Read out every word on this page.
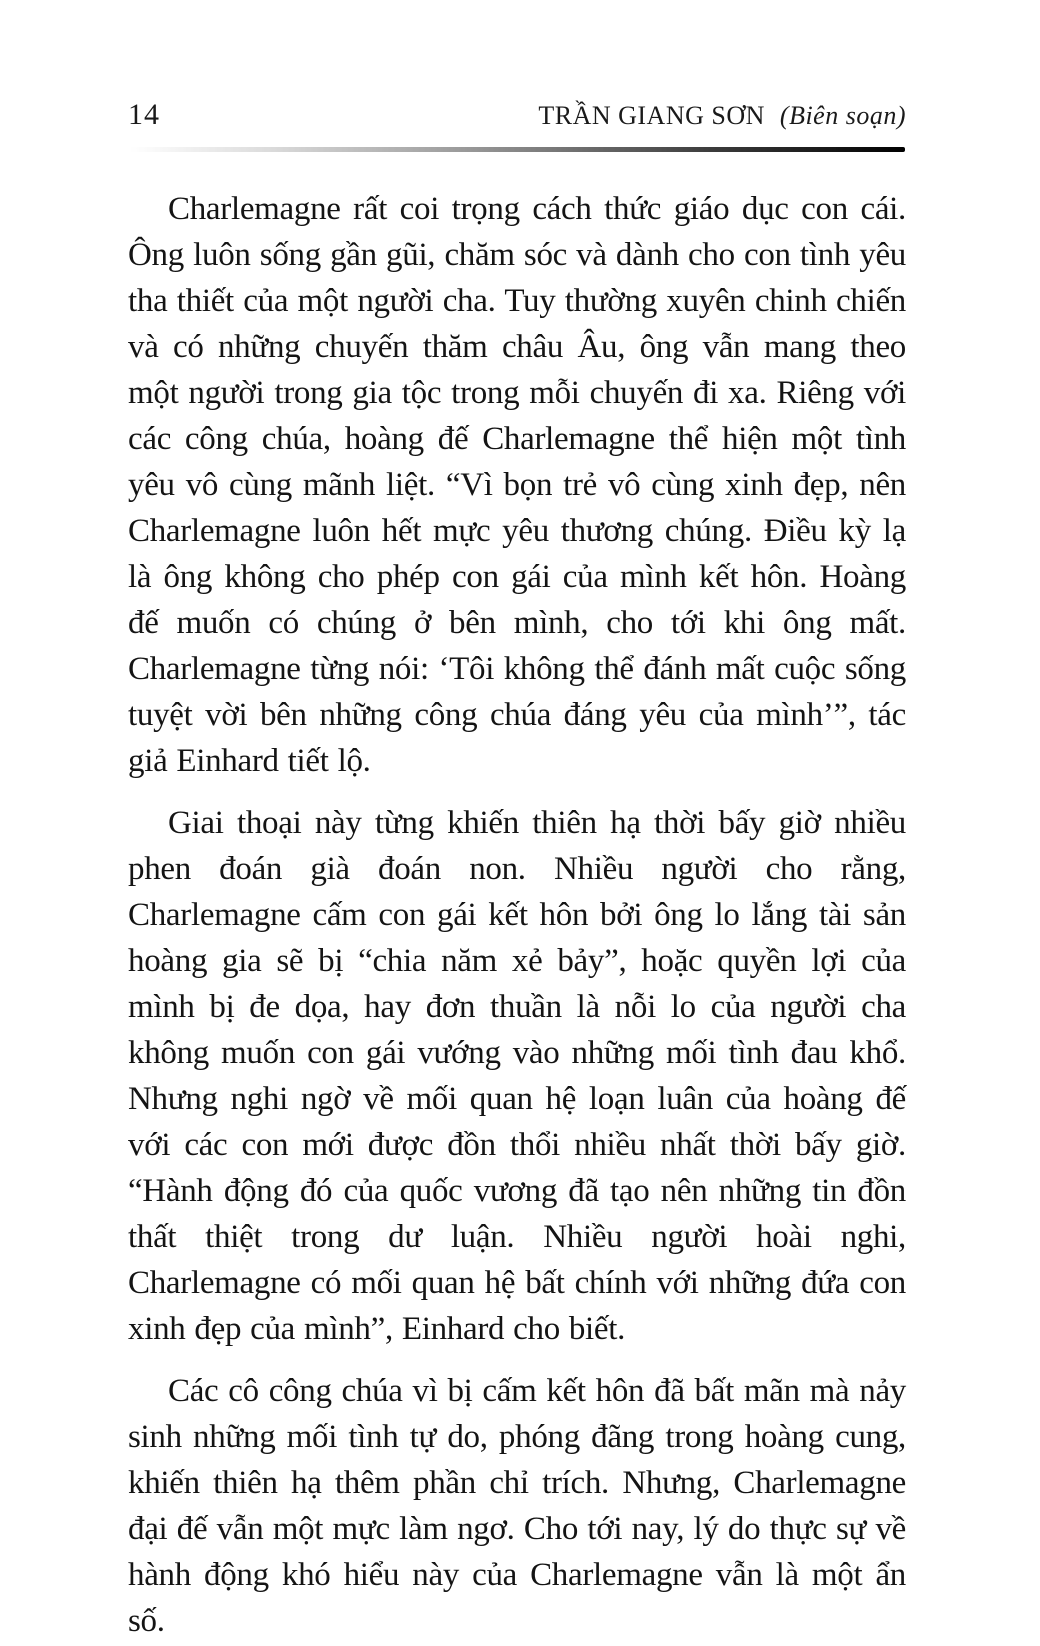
14	TRẦN GIANG SƠN (Biên soạn)

Charlemagne rất coi trọng cách thức giáo dục con cái. Ông luôn sống gần gũi, chăm sóc và dành cho con tình yêu tha thiết của một người cha. Tuy thường xuyên chinh chiến và có những chuyến thăm châu Âu, ông vẫn mang theo một người trong gia tộc trong mỗi chuyến đi xa. Riêng với các công chúa, hoàng đế Charlemagne thể hiện một tình yêu vô cùng mãnh liệt. “Vì bọn trẻ vô cùng xinh đẹp, nên Charlemagne luôn hết mực yêu thương chúng. Điều kỳ lạ là ông không cho phép con gái của mình kết hôn. Hoàng đế muốn có chúng ở bên mình, cho tới khi ông mất. Charlemagne từng nói: ‘Tôi không thể đánh mất cuộc sống tuyệt vời bên những công chúa đáng yêu của mình’”, tác giả Einhard tiết lộ.

Giai thoại này từng khiến thiên hạ thời bấy giờ nhiều phen đoán già đoán non. Nhiều người cho rằng, Charlemagne cấm con gái kết hôn bởi ông lo lắng tài sản hoàng gia sẽ bị “chia năm xẻ bảy”, hoặc quyền lợi của mình bị đe dọa, hay đơn thuần là nỗi lo của người cha không muốn con gái vướng vào những mối tình đau khổ. Nhưng nghi ngờ về mối quan hệ loạn luân của hoàng đế với các con mới được đồn thổi nhiều nhất thời bấy giờ. “Hành động đó của quốc vương đã tạo nên những tin đồn thất thiệt trong dư luận. Nhiều người hoài nghi, Charlemagne có mối quan hệ bất chính với những đứa con xinh đẹp của mình”, Einhard cho biết.

Các cô công chúa vì bị cấm kết hôn đã bất mãn mà nảy sinh những mối tình tự do, phóng đãng trong hoàng cung, khiến thiên hạ thêm phần chỉ trích. Nhưng, Charlemagne đại đế vẫn một mực làm ngơ. Cho tới nay, lý do thực sự về hành động khó hiểu này của Charlemagne vẫn là một ẩn số.
